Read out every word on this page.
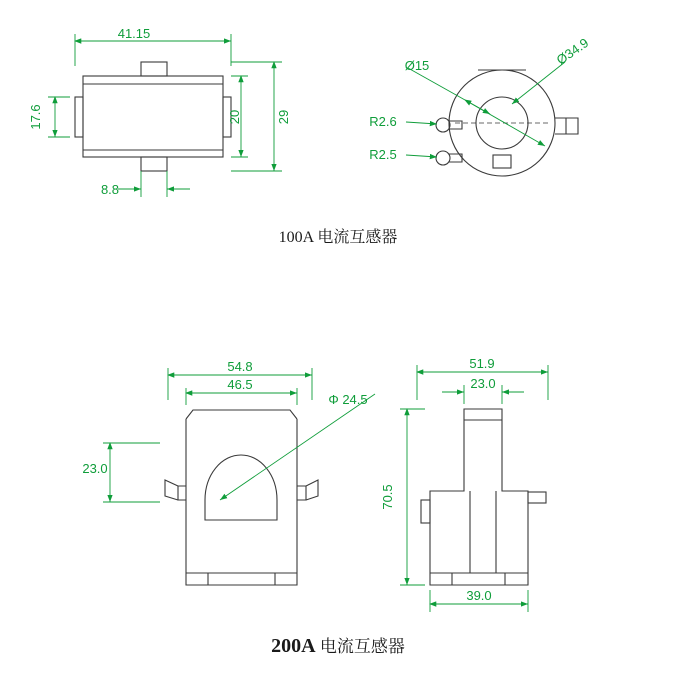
41.15
17.6	20	29
8.8
Ø15	Ø34.9
R2.6
R2.5
54.8
46.5
23.0
Φ 24.5
51.9
23.0
70.5
39.0
100A 电流互感器
200A 电流互感器
